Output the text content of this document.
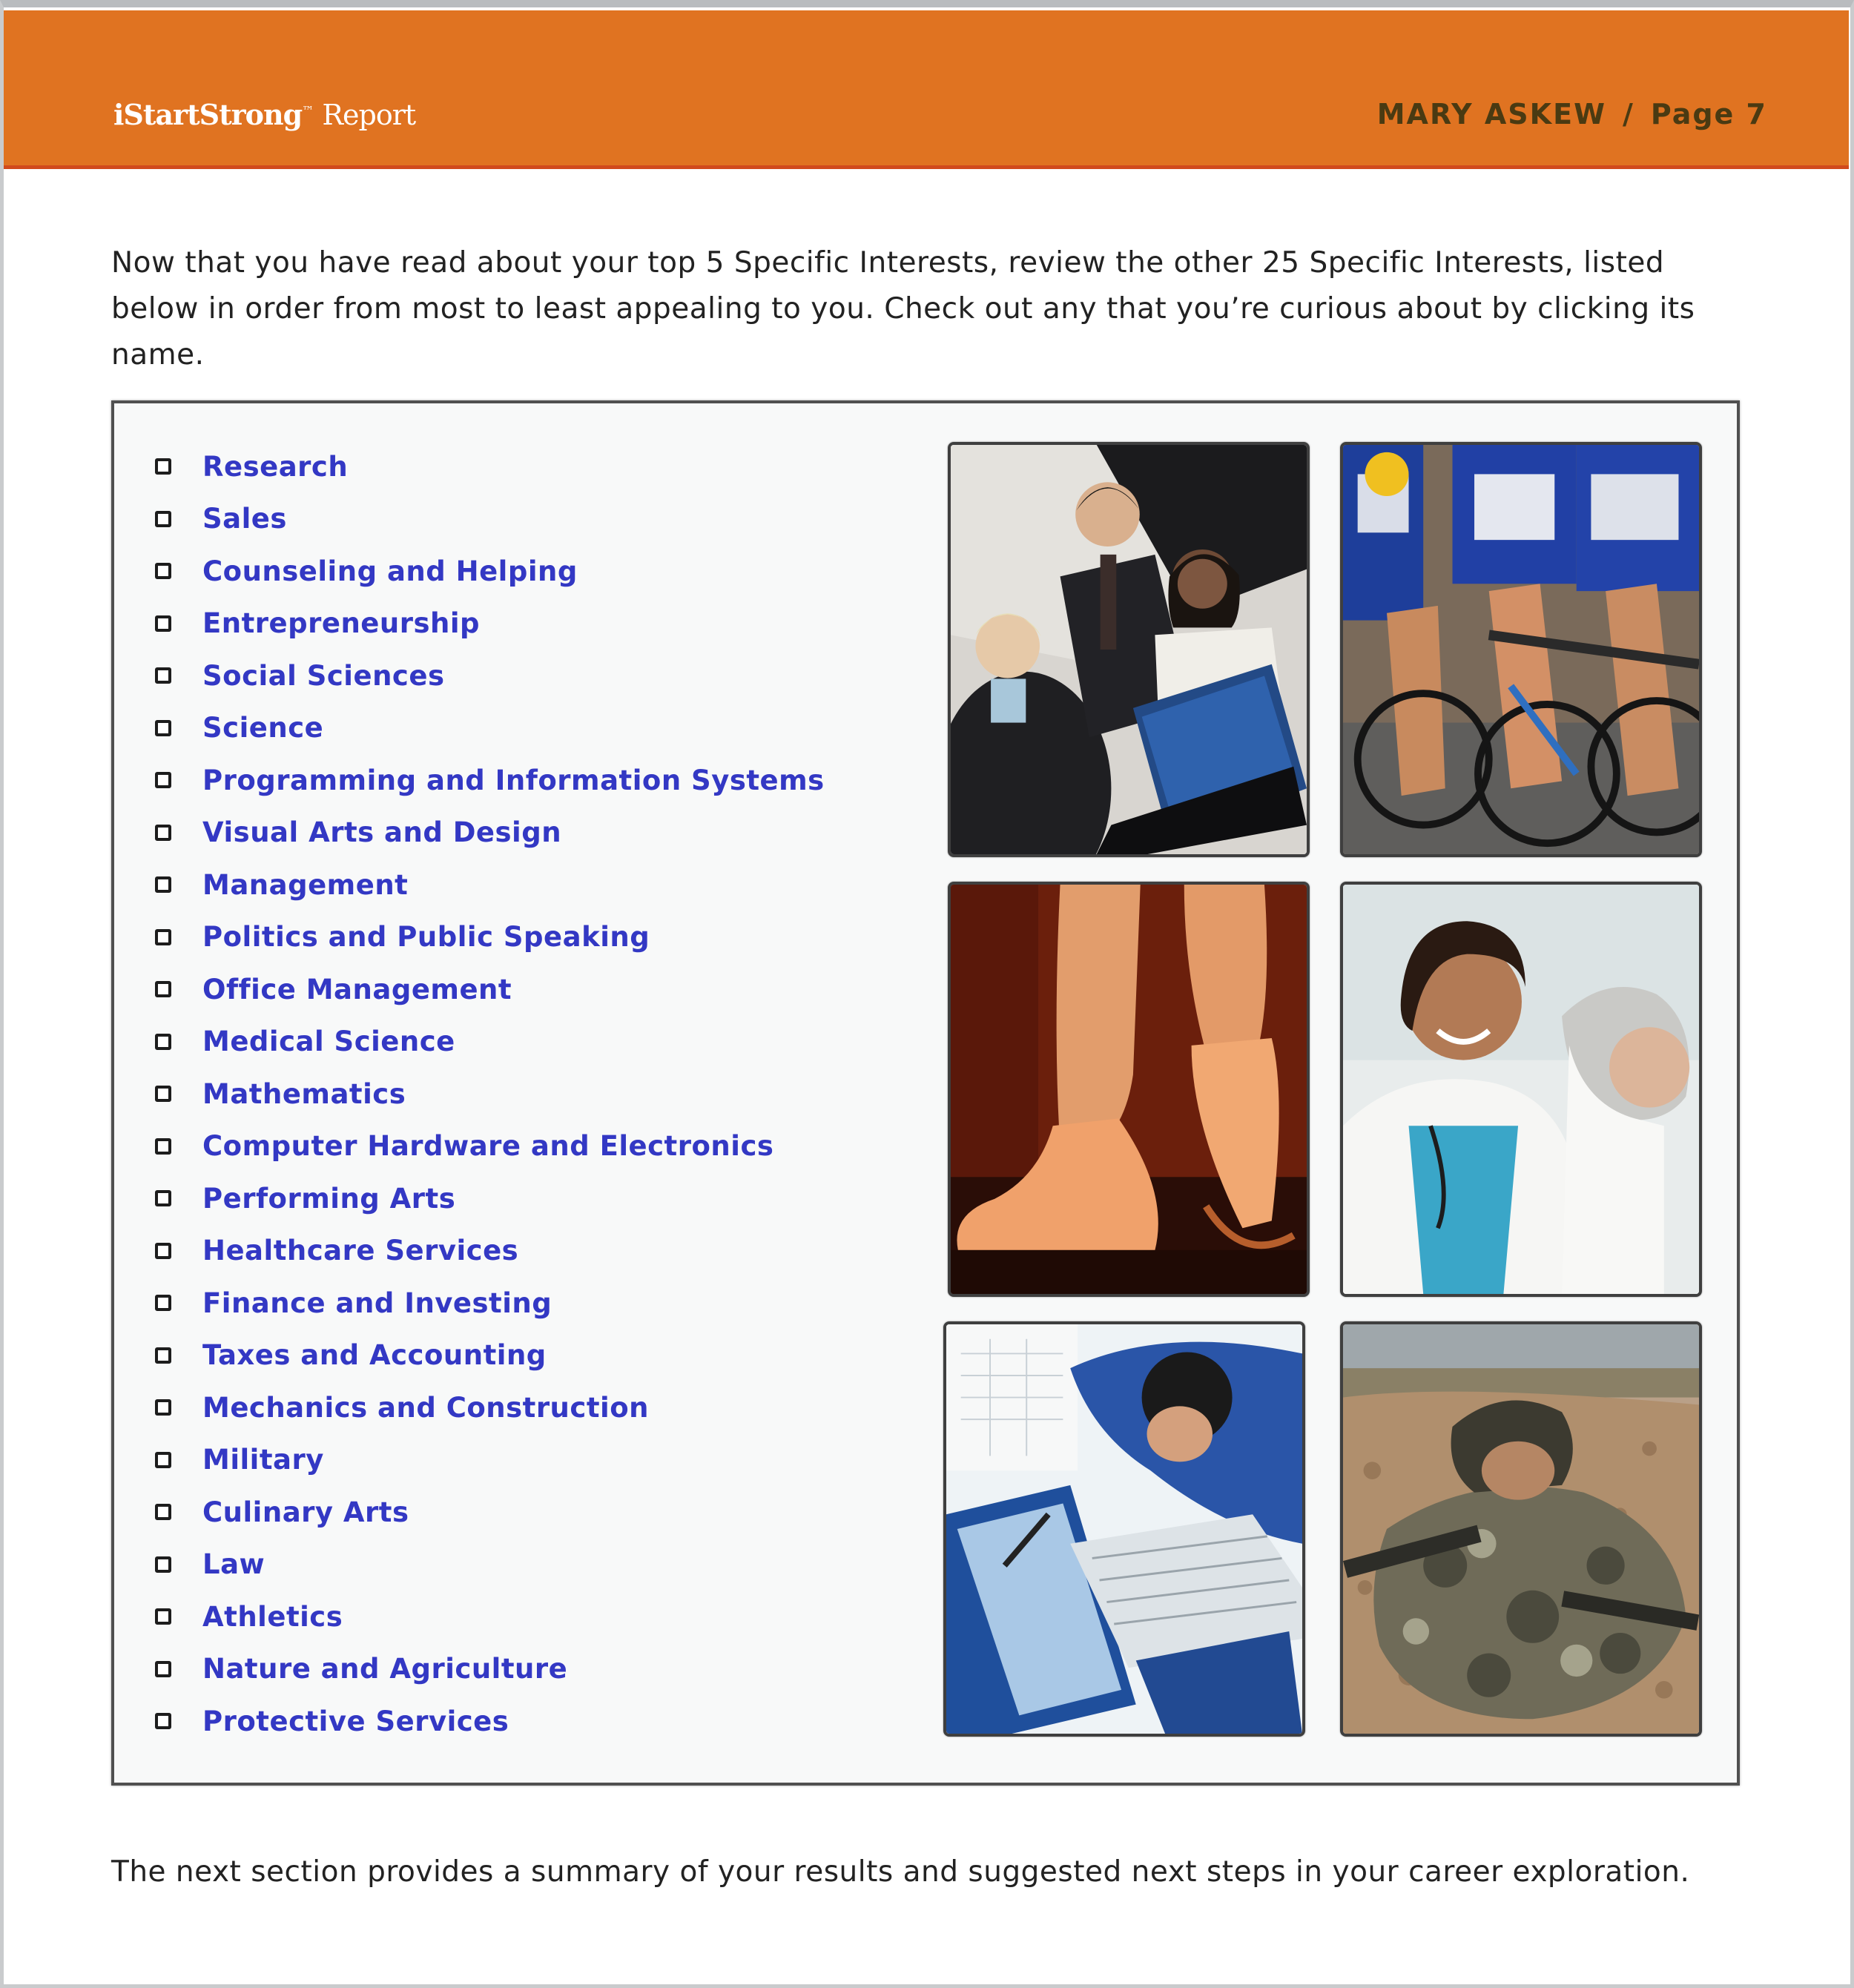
iStartStrong™ Report	MARY ASKEW / Page 7

Now that you have read about your top 5 Specific Interests, review the other 25 Specific Interests, listed below in order from most to least appealing to you. Check out any that you’re curious about by clicking its name.

Research
Sales
Counseling and Helping
Entrepreneurship
Social Sciences
Science
Programming and Information Systems
Visual Arts and Design
Management
Politics and Public Speaking
Office Management
Medical Science
Mathematics
Computer Hardware and Electronics
Performing Arts
Healthcare Services
Finance and Investing
Taxes and Accounting
Mechanics and Construction
Military
Culinary Arts
Law
Athletics
Nature and Agriculture
Protective Services

The next section provides a summary of your results and suggested next steps in your career exploration.
